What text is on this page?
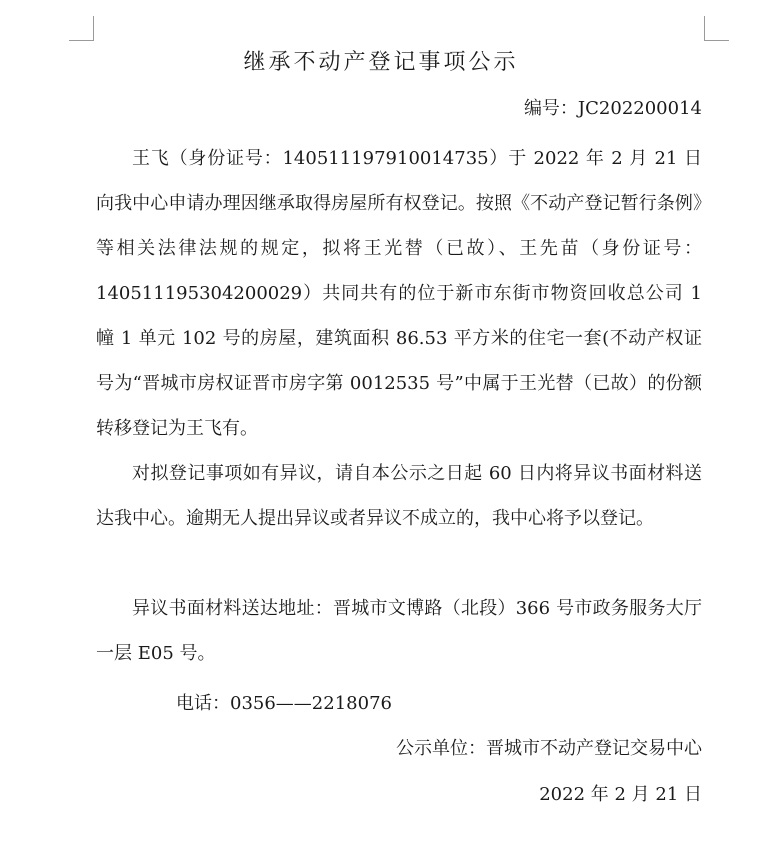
继承不动产登记事项公示
编号：JC202200014

王飞（身份证号：140511197910014735）于 2022 年 2 月 21 日向我中心申请办理因继承取得房屋所有权登记。按照《不动产登记暂行条例》等相关法律法规的规定，拟将王光替（已故）、王先苗（身份证号：140511195304200029）共同共有的位于新市东街市物资回收总公司 1 幢 1 单元 102 号的房屋，建筑面积 86.53 平方米的住宅一套(不动产权证号为“晋城市房权证晋市房字第 0012535 号”中属于王光替（已故）的份额转移登记为王飞有。

对拟登记事项如有异议，请自本公示之日起 60 日内将异议书面材料送达我中心。逾期无人提出异议或者异议不成立的，我中心将予以登记。

异议书面材料送达地址：晋城市文博路（北段）366 号市政务服务大厅一层 E05 号。

电话：0356——2218076
公示单位：晋城市不动产登记交易中心
2022 年 2 月 21 日
